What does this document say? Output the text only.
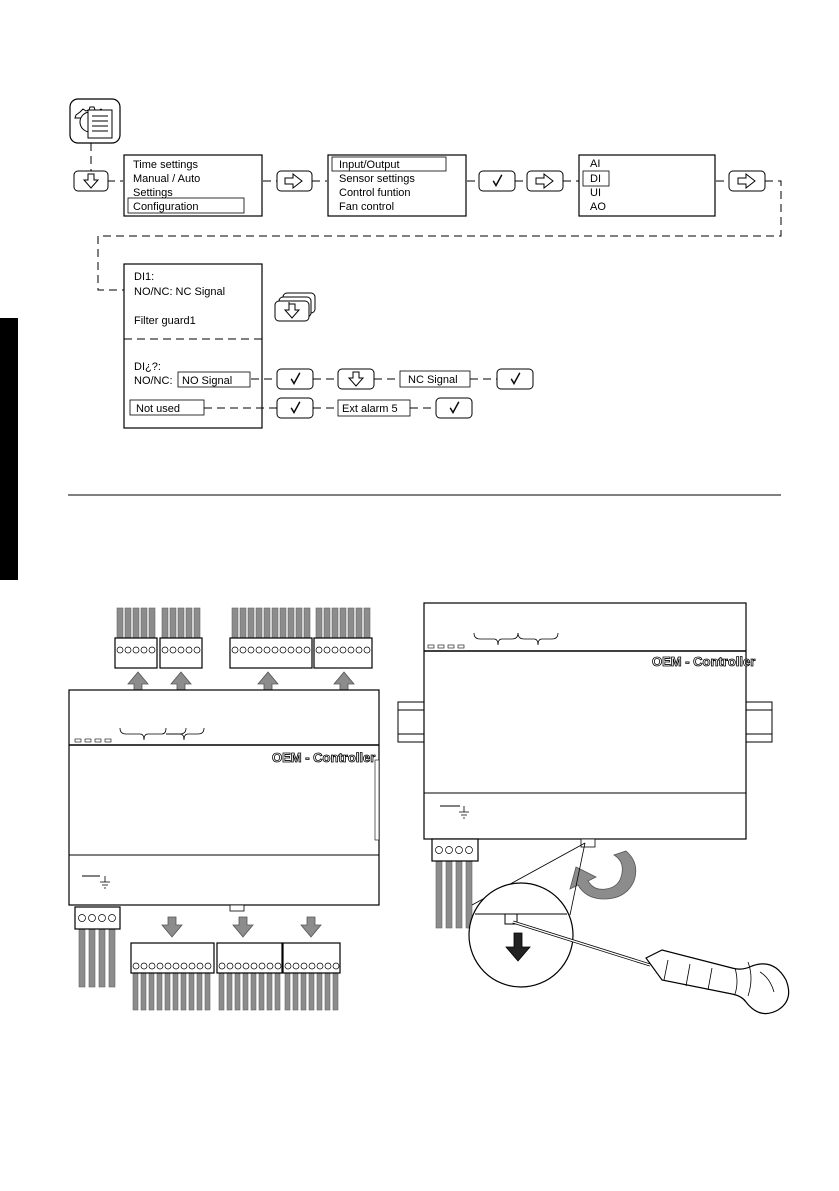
Time settings
Manual / Auto
Settings
Configuration
Input/Output
Sensor settings
Control funtion
Fan control
AI
DI
UI
AO
DI1:
NO/NC: NC Signal
Filter guard1
DI¿?:
NO/NC: NO Signal
Not used
NC Signal
Ext alarm 5
OEM - Controller
OEM - Controller
